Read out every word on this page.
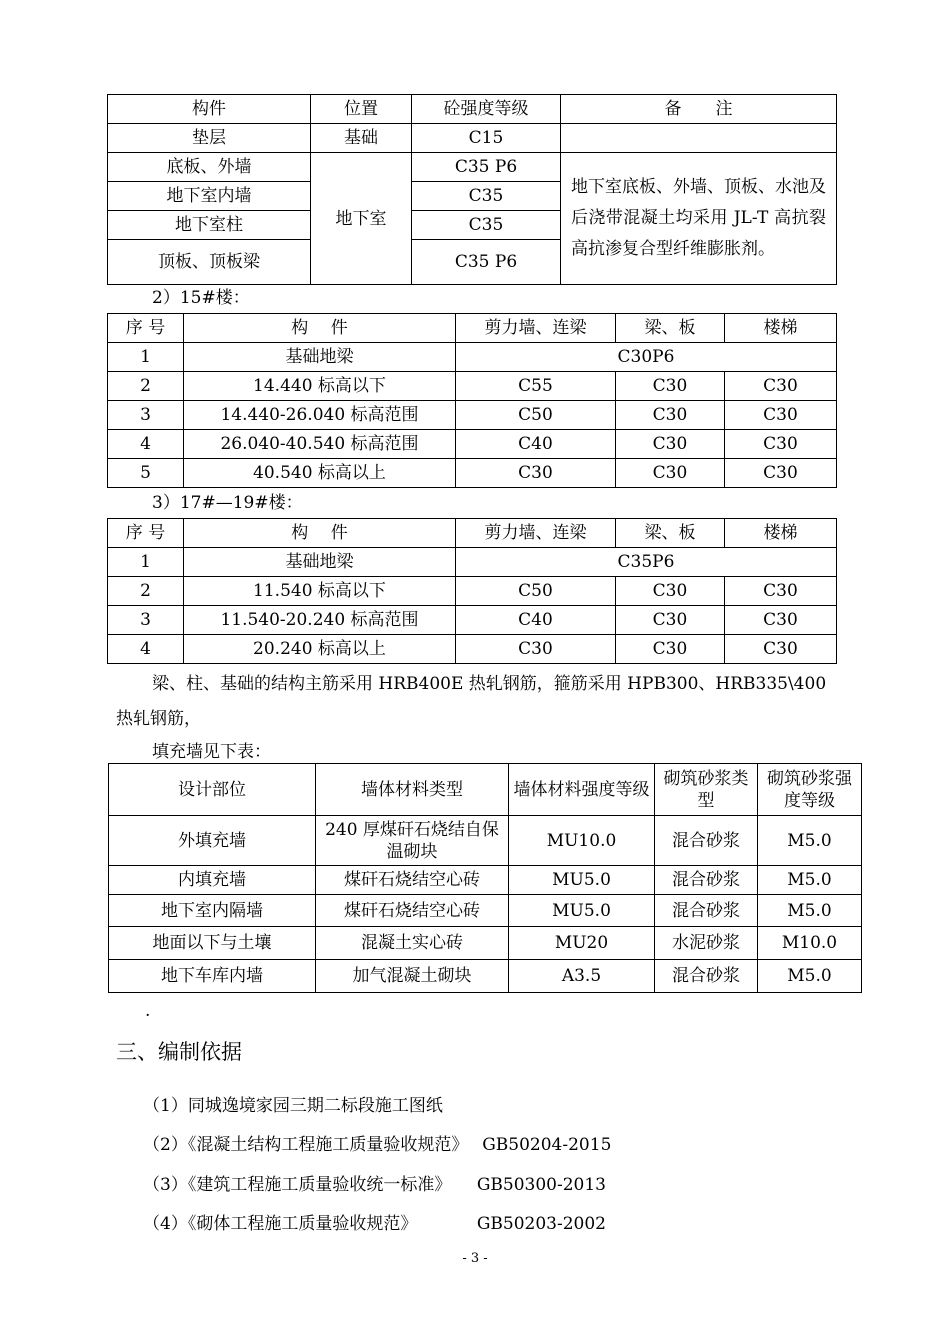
构件	位置	砼强度等级	备　　注
垫层	基础	C15	
底板、外墙	地下室	C35 P6	地下室底板、外墙、顶板、水池及后浇带混凝土均采用 JL-T 高抗裂高抗渗复合型纤维膨胀剂。
地下室内墙		C35	
地下室柱		C35	
顶板、顶板梁		C35 P6	
2）15#楼：
序 号	构　 件	剪力墙、连梁	梁、板	楼梯
1	基础地梁	C30P6		
2	14.440 标高以下	C55	C30	C30
3	14.440-26.040 标高范围	C50	C30	C30
4	26.040-40.540 标高范围	C40	C30	C30
5	40.540 标高以上	C30	C30	C30
3）17#—19#楼：
序 号	构　 件	剪力墙、连梁	梁、板	楼梯
1	基础地梁	C35P6		
2	11.540 标高以下	C50	C30	C30
3	11.540-20.240 标高范围	C40	C30	C30
4	20.240 标高以上	C30	C30	C30
梁、柱、基础的结构主筋采用 HRB400E 热轧钢筋，箍筋采用 HPB300、HRB335\400
热轧钢筋，
填充墙见下表：
设计部位	墙体材料类型	墙体材料强度等级	砌筑砂浆类型	砌筑砂浆强度等级
外填充墙	240 厚煤矸石烧结自保温砌块	MU10.0	混合砂浆	M5.0
内填充墙	煤矸石烧结空心砖	MU5.0	混合砂浆	M5.0
地下室内隔墙	煤矸石烧结空心砖	MU5.0	混合砂浆	M5.0
地面以下与土壤	混凝土实心砖	MU20	水泥砂浆	M10.0
地下车库内墙	加气混凝土砌块	A3.5	混合砂浆	M5.0
.
三、编制依据
（1）同城逸境家园三期二标段施工图纸
（2）《混凝土结构工程施工质量验收规范》　 GB50204-2015
（3）《建筑工程施工质量验收统一标准》　　GB50300-2013
（4）《砌体工程施工质量验收规范》　　　　GB50203-2002
- 3 -
